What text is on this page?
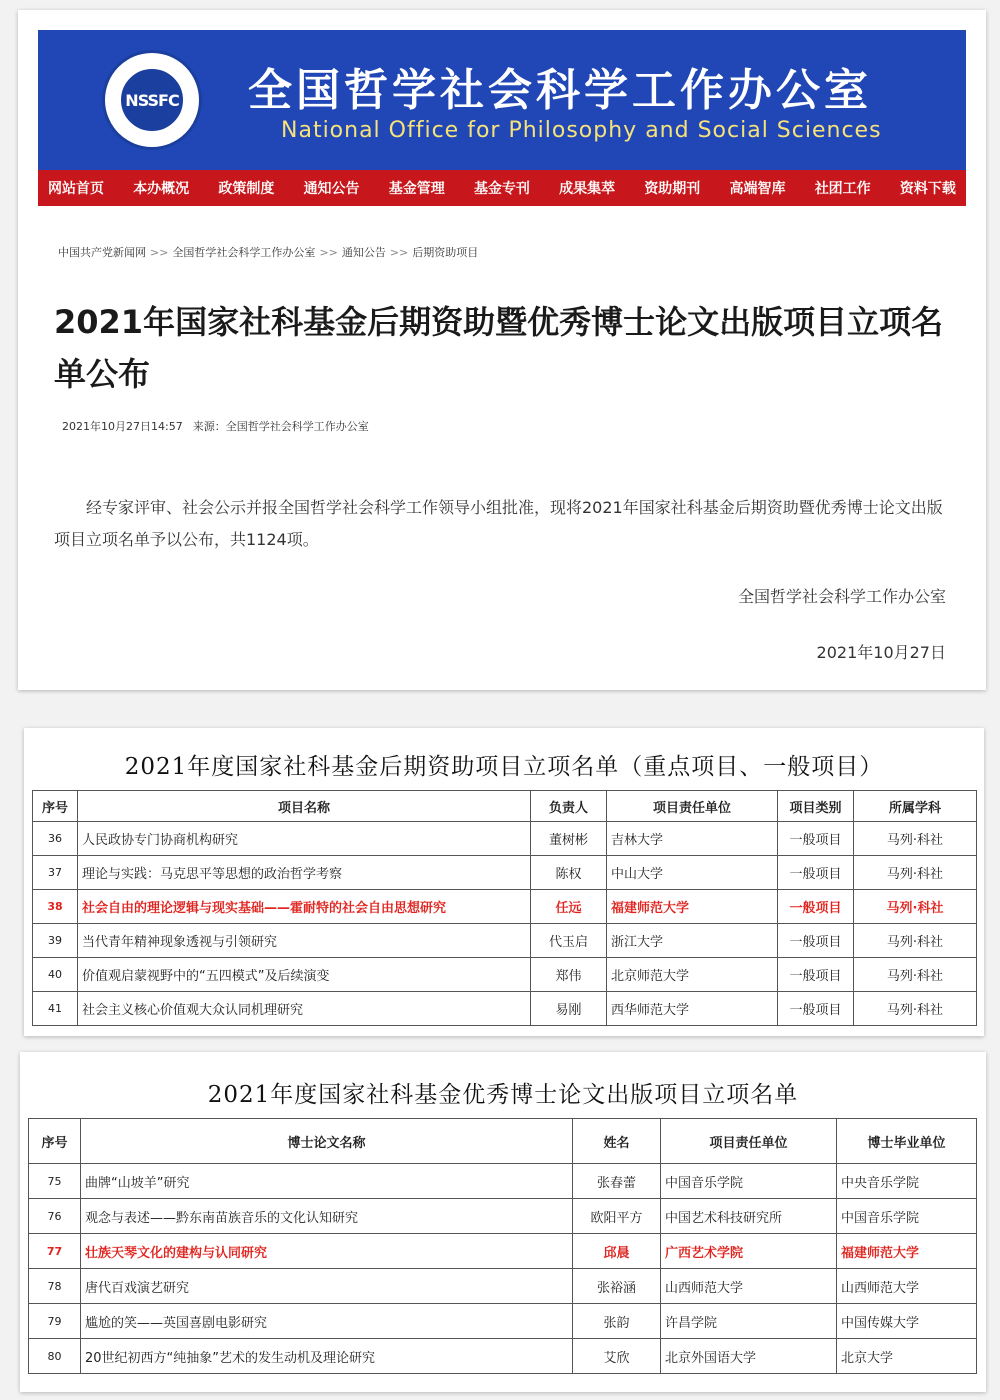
NSSFC 全国哲学社会科学工作办公室
National Office for Philosophy and Social Sciences
网站首页 本办概况 政策制度 通知公告 基金管理 基金专刊 成果集萃 资助期刊 高端智库 社团工作 资料下载
中国共产党新闻网 >> 全国哲学社会科学工作办公室 >> 通知公告 >> 后期资助项目
2021年国家社科基金后期资助暨优秀博士论文出版项目立项名单公布
2021年10月27日14:57 来源：全国哲学社会科学工作办公室
经专家评审、社会公示并报全国哲学社会科学工作领导小组批准，现将2021年国家社科基金后期资助暨优秀博士论文出版项目立项名单予以公布，共1124项。
全国哲学社会科学工作办公室
2021年10月27日
2021年度国家社科基金后期资助项目立项名单（重点项目、一般项目）
序号	项目名称	负责人	项目责任单位	项目类别	所属学科
36	人民政协专门协商机构研究	董树彬	吉林大学	一般项目	马列·科社
37	理论与实践：马克思平等思想的政治哲学考察	陈权	中山大学	一般项目	马列·科社
38	社会自由的理论逻辑与现实基础——霍耐特的社会自由思想研究	任远	福建师范大学	一般项目	马列·科社
39	当代青年精神现象透视与引领研究	代玉启	浙江大学	一般项目	马列·科社
40	价值观启蒙视野中的“五四模式”及后续演变	郑伟	北京师范大学	一般项目	马列·科社
41	社会主义核心价值观大众认同机理研究	易刚	西华师范大学	一般项目	马列·科社
2021年度国家社科基金优秀博士论文出版项目立项名单
序号	博士论文名称	姓名	项目责任单位	博士毕业单位
75	曲牌“山坡羊”研究	张春蕾	中国音乐学院	中央音乐学院
76	观念与表述——黔东南苗族音乐的文化认知研究	欧阳平方	中国艺术科技研究所	中国音乐学院
77	壮族天琴文化的建构与认同研究	邱晨	广西艺术学院	福建师范大学
78	唐代百戏演艺研究	张裕涵	山西师范大学	山西师范大学
79	尴尬的笑——英国喜剧电影研究	张韵	许昌学院	中国传媒大学
80	20世纪初西方“纯抽象”艺术的发生动机及理论研究	艾欣	北京外国语大学	北京大学
